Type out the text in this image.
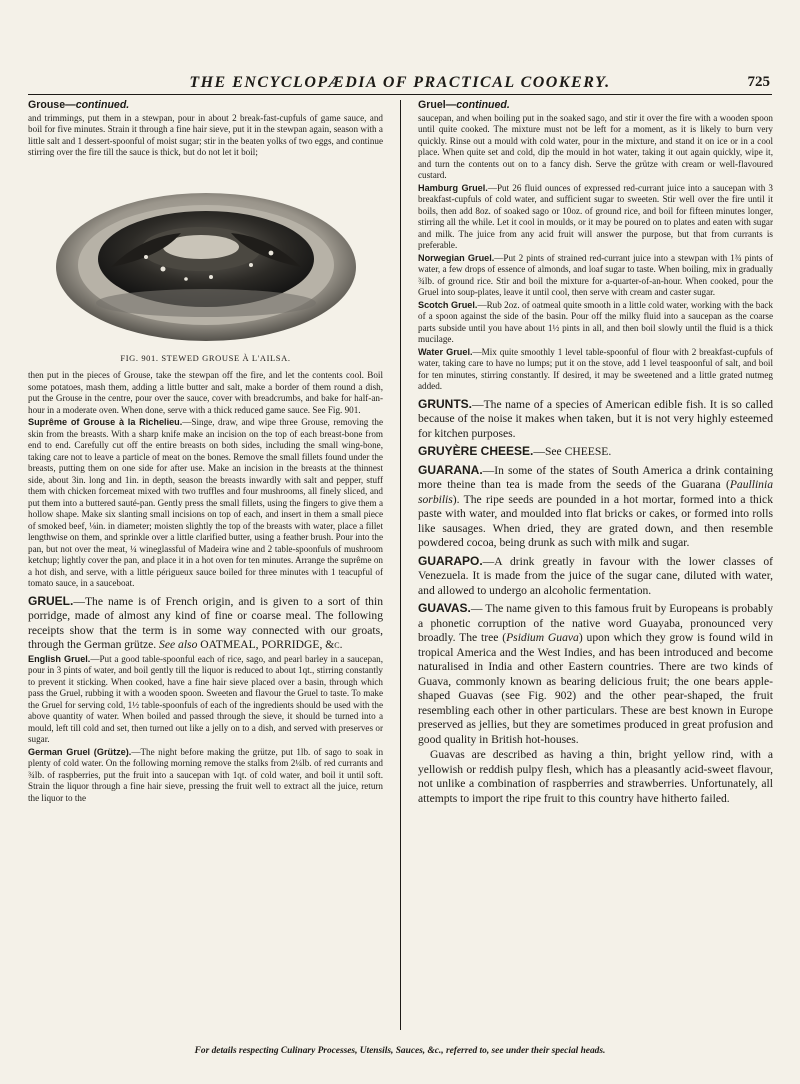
THE ENCYCLOPÆDIA OF PRACTICAL COOKERY.	725
Grouse—continued.

and trimmings, put them in a stewpan, pour in about 2 break-fast-cupfuls of game sauce, and boil for five minutes. Strain it through a fine hair sieve, put it in the stewpan again, season with a little salt and 1 dessert-spoonful of moist sugar; stir in the beaten yolks of two eggs, and continue stirring over the fire till the sauce is thick, but do not let it boil;

FIG. 901. STEWED GROUSE À L'AILSA.

then put in the pieces of Grouse, take the stewpan off the fire, and let the contents cool. Boil some potatoes, mash them, adding a little butter and salt, make a border of them round a dish, put the Grouse in the centre, pour over the sauce, cover with breadcrumbs, and bake for half-an-hour in a moderate oven. When done, serve with a thick reduced game sauce. See Fig. 901.

Suprême of Grouse à la Richelieu.—Singe, draw, and wipe three Grouse, removing the skin from the breasts. With a sharp knife make an incision on the top of each breast-bone from end to end. Carefully cut off the entire breasts on both sides, including the small wing-bone, taking care not to leave a particle of meat on the bones. Remove the small fillets found under the breasts, putting them on one side for after use. Make an incision in the breasts at the thinnest side, about 3in. long and 1in. in depth, season the breasts inwardly with salt and pepper, stuff them with chicken forcemeat mixed with two truffles and four mushrooms, all finely sliced, and put them into a buttered sauté-pan. Gently press the small fillets, using the fingers to give them a hollow shape. Make six slanting small incisions on top of each, and insert in them a small piece of smoked beef, ⅛in. in diameter; moisten slightly the top of the breasts with water, place a fillet lengthwise on them, and sprinkle over a little clarified butter, using a feather brush. Pour into the pan, but not over the meat, ¼ wineglassful of Madeira wine and 2 table-spoonfuls of mushroom ketchup; lightly cover the pan, and place it in a hot oven for ten minutes. Arrange the suprême on a hot dish, and serve, with a little périgueux sauce boiled for three minutes with 1 teacupful of tomato sauce, in a sauceboat.

GRUEL.—The name is of French origin, and is given to a sort of thin porridge, made of almost any kind of fine or coarse meal. The following receipts show that the term is in some way connected with our groats, through the German grütze. See also OATMEAL, PORRIDGE, &c.

English Gruel.—Put a good table-spoonful each of rice, sago, and pearl barley in a saucepan, pour in 3 pints of water, and boil gently till the liquor is reduced to about 1qt., stirring constantly to prevent it sticking. When cooked, have a fine hair sieve placed over a basin, through which pass the Gruel, rubbing it with a wooden spoon. Sweeten and flavour the Gruel to taste. To make the Gruel for serving cold, 1½ table-spoonfuls of each of the ingredients should be used with the above quantity of water. When boiled and passed through the sieve, it should be turned into a mould, left till cold and set, then turned out like a jelly on to a dish, and served with preserves or sugar.

German Gruel (Grütze).—The night before making the grütze, put 1lb. of sago to soak in plenty of cold water. On the following morning remove the stalks from 2¼lb. of red currants and ¾lb. of raspberries, put the fruit into a saucepan with 1qt. of cold water, and boil it until soft. Strain the liquor through a fine hair sieve, pressing the fruit well to extract all the juice, return the liquor to the

Gruel—continued.

saucepan, and when boiling put in the soaked sago, and stir it over the fire with a wooden spoon until quite cooked. The mixture must not be left for a moment, as it is likely to burn very quickly. Rinse out a mould with cold water, pour in the mixture, and stand it on ice or in a cool place. When quite set and cold, dip the mould in hot water, taking it out again quickly, wipe it, and turn the contents out on to a fancy dish. Serve the grütze with cream or well-flavoured custard.

Hamburg Gruel.—Put 26 fluid ounces of expressed red-currant juice into a saucepan with 3 breakfast-cupfuls of cold water, and sufficient sugar to sweeten. Stir well over the fire until it boils, then add 8oz. of soaked sago or 10oz. of ground rice, and boil for fifteen minutes longer, stirring all the while. Let it cool in moulds, or it may be poured on to plates and eaten with sugar and milk. The juice from any acid fruit will answer the purpose, but that from currants is preferable.

Norwegian Gruel.—Put 2 pints of strained red-currant juice into a stewpan with 1¾ pints of water, a few drops of essence of almonds, and loaf sugar to taste. When boiling, mix in gradually ¾lb. of ground rice. Stir and boil the mixture for a-quarter-of-an-hour. When cooked, pour the Gruel into soup-plates, leave it until cool, then serve with cream and caster sugar.

Scotch Gruel.—Rub 2oz. of oatmeal quite smooth in a little cold water, working with the back of a spoon against the side of the basin. Pour off the milky fluid into a saucepan as the coarse parts subside until you have about 1½ pints in all, and then boil slowly until the fluid is a thick mucilage.

Water Gruel.—Mix quite smoothly 1 level table-spoonful of flour with 2 breakfast-cupfuls of water, taking care to have no lumps; put it on the stove, add 1 level teaspoonful of salt, and boil for ten minutes, stirring constantly. If desired, it may be sweetened and a little grated nutmeg added.

GRUNTS.—The name of a species of American edible fish. It is so called because of the noise it makes when taken, but it is not very highly esteemed for kitchen purposes.

GRUYÈRE CHEESE.—See CHEESE.

GUARANA.—In some of the states of South America a drink containing more theine than tea is made from the seeds of the Guarana (Paullinia sorbilis). The ripe seeds are pounded in a hot mortar, formed into a thick paste with water, and moulded into flat bricks or cakes, or formed into rolls like sausages. When dried, they are grated down, and then resemble powdered cocoa, being drunk as such with milk and sugar.

GUARAPO.—A drink greatly in favour with the lower classes of Venezuela. It is made from the juice of the sugar cane, diluted with water, and allowed to undergo an alcoholic fermentation.

GUAVAS.— The name given to this famous fruit by Europeans is probably a phonetic corruption of the native word Guayaba, pronounced very broadly. The tree (Psidium Guava) upon which they grow is found wild in tropical America and the West Indies, and has been introduced and become naturalised in India and other Eastern countries. There are two kinds of Guava, commonly known as bearing delicious fruit; the one bears apple-shaped Guavas (see Fig. 902) and the other pear-shaped, the fruit resembling each other in other particulars. These are best known in Europe preserved as jellies, but they are sometimes produced in great profusion and good quality in British hot-houses.

Guavas are described as having a thin, bright yellow rind, with a yellowish or reddish pulpy flesh, which has a pleasantly acid-sweet flavour, not unlike a combination of raspberries and strawberries. Unfortunately, all attempts to import the ripe fruit to this country have hitherto failed.

For details respecting Culinary Processes, Utensils, Sauces, &c., referred to, see under their special heads.
